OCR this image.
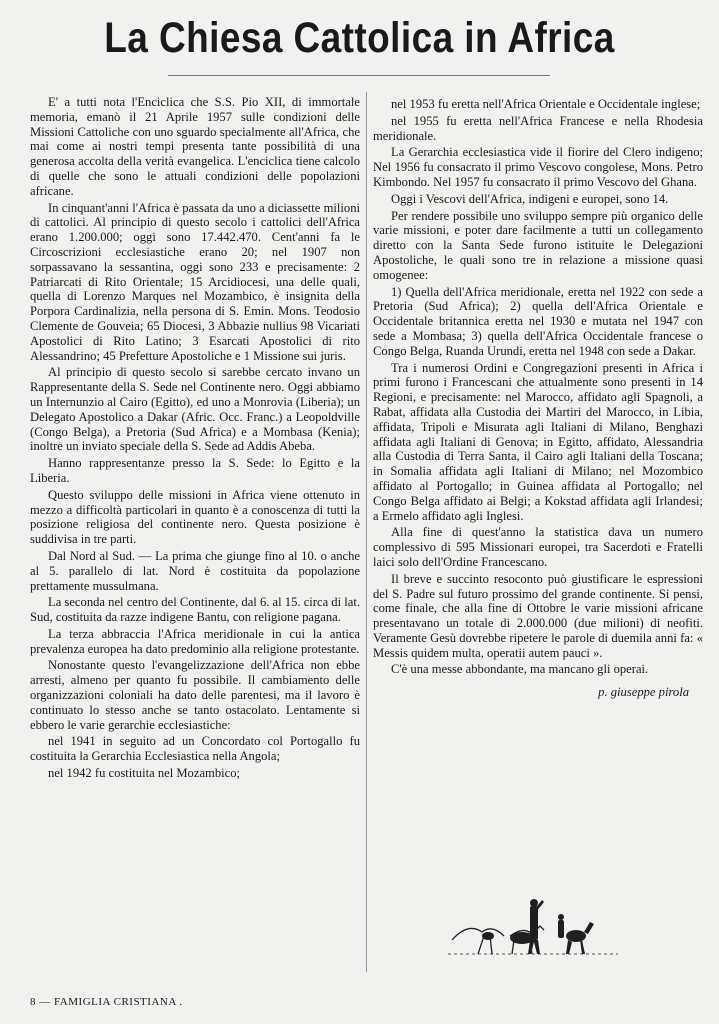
La Chiesa Cattolica in Africa

E' a tutti nota l'Enciclica che S.S. Pio XII, di immortale memoria, emanò il 21 Aprile 1957 sulle condizioni delle Missioni Cattoliche con uno sguardo specialmente all'Africa, che mai come ai nostri tempi presenta tante possibilità di una generosa accolta della verità evangelica. L'enciclica tiene calcolo di quelle che sono le attuali condizioni delle popolazioni africane.

In cinquant'anni l'Africa è passata da uno a diciassette milioni di cattolici. Al principio di questo secolo i cattolici dell'Africa erano 1.200.000; oggi sono 17.442.470. Cent'anni fa le Circoscrizioni ecclesiastiche erano 20; nel 1907 non sorpassavano la sessantina, oggi sono 233 e precisamente: 2 Patriarcati di Rito Orientale; 15 Arcidiocesi, una delle quali, quella di Lorenzo Marques nel Mozambico, è insignita della Porpora Cardinalizia, nella persona di S. Emin. Mons. Teodosio Clemente de Gouveia; 65 Diocesi, 3 Abbazie nullius 98 Vicariati Apostolici di Rito Latino; 3 Esarcati Apostolici di rito Alessandrino; 45 Prefetture Apostoliche e 1 Missione sui juris.

Al principio di questo secolo si sarebbe cercato invano un Rappresentante della S. Sede nel Continente nero. Oggi abbiamo un Internunzio al Cairo (Egitto), ed uno a Monrovia (Liberia); un Delegato Apostolico a Dakar (Afric. Occ. Franc.) a Leopoldville (Congo Belga), a Pretoria (Sud Africa) e a Mombasa (Kenia); inoltre un inviato speciale della S. Sede ad Addis Abeba.

Hanno rappresentanze presso la S. Sede: lo Egitto e la Liberia.

Questo sviluppo delle missioni in Africa viene ottenuto in mezzo a difficoltà particolari in quanto è a conoscenza di tutti la posizione religiosa del continente nero. Questa posizione è suddivisa in tre parti.

Dal Nord al Sud. — La prima che giunge fino al 10. o anche al 5. parallelo di lat. Nord è costituita da popolazione prettamente mussulmana.

La seconda nel centro del Continente, dal 6. al 15. circa di lat. Sud, costituita da razze indigene Bantu, con religione pagana.

La terza abbraccia l'Africa meridionale in cui la antica prevalenza europea ha dato predominio alla religione protestante.

Nonostante questo l'evangelizzazione dell'Africa non ebbe arresti, almeno per quanto fu possibile. Il cambiamento delle organizzazioni coloniali ha dato delle parentesi, ma il lavoro è continuato lo stesso anche se tanto ostacolato. Lentamente si ebbero le varie gerarchie ecclesiastiche:

nel 1941 in seguito ad un Concordato col Portogallo fu costituita la Gerarchia Ecclesiastica nella Angola;

nel 1942 fu costituita nel Mozambico;

nel 1953 fu eretta nell'Africa Orientale e Occidentale inglese;

nel 1955 fu eretta nell'Africa Francese e nella Rhodesia meridionale.

La Gerarchia ecclesiastica vide il fiorire del Clero indigeno; Nel 1956 fu consacrato il primo Vescovo congolese, Mons. Petro Kimbondo. Nel 1957 fu consacrato il primo Vescovo del Ghana.

Oggi i Vescovi dell'Africa, indigeni e europei, sono 14.

Per rendere possibile uno sviluppo sempre più organico delle varie missioni, e poter dare facilmente a tutti un collegamento diretto con la Santa Sede furono istituite le Delegazioni Apostoliche, le quali sono tre in relazione a missione quasi omogenee:

1) Quella dell'Africa meridionale, eretta nel 1922 con sede a Pretoria (Sud Africa); 2) quella dell'Africa Orientale e Occidentale britannica eretta nel 1930 e mutata nel 1947 con sede a Mombasa; 3) quella dell'Africa Occidentale francese o Congo Belga, Ruanda Urundi, eretta nel 1948 con sede a Dakar.

Tra i numerosi Ordini e Congregazioni presenti in Africa i primi furono i Francescani che attualmente sono presenti in 14 Regioni, e precisamente: nel Marocco, affidato agli Spagnoli, a Rabat, affidata alla Custodia dei Martiri del Marocco, in Libia, affidata, Tripoli e Misurata agli Italiani di Milano, Benghazi affidata agli Italiani di Genova; in Egitto, affidato, Alessandria alla Custodia di Terra Santa, il Cairo agli Italiani della Toscana; in Somalia affidata agli Italiani di Milano; nel Mozombico affidato al Portogallo; in Guinea affidata al Portogallo; nel Congo Belga affidato ai Belgi; a Kokstad affidata agli Irlandesi; a Ermelo affidato agli Inglesi.

Alla fine di quest'anno la statistica dava un numero complessivo di 595 Missionari europei, tra Sacerdoti e Fratelli laici solo dell'Ordine Francescano.

Il breve e succinto resoconto può giustificare le espressioni del S. Padre sul futuro prossimo del grande continente. Si pensi, come finale, che alla fine di Ottobre le varie missioni africane presentavano un totale di 2.000.000 (due milioni) di neofiti. Veramente Gesù dovrebbe ripetere le parole di duemila anni fa: « Messis quidem multa, operatii autem pauci ».

C'è una messe abbondante, ma mancano gli operai.

p. giuseppe pirola
8 — FAMIGLIA CRISTIANA .
